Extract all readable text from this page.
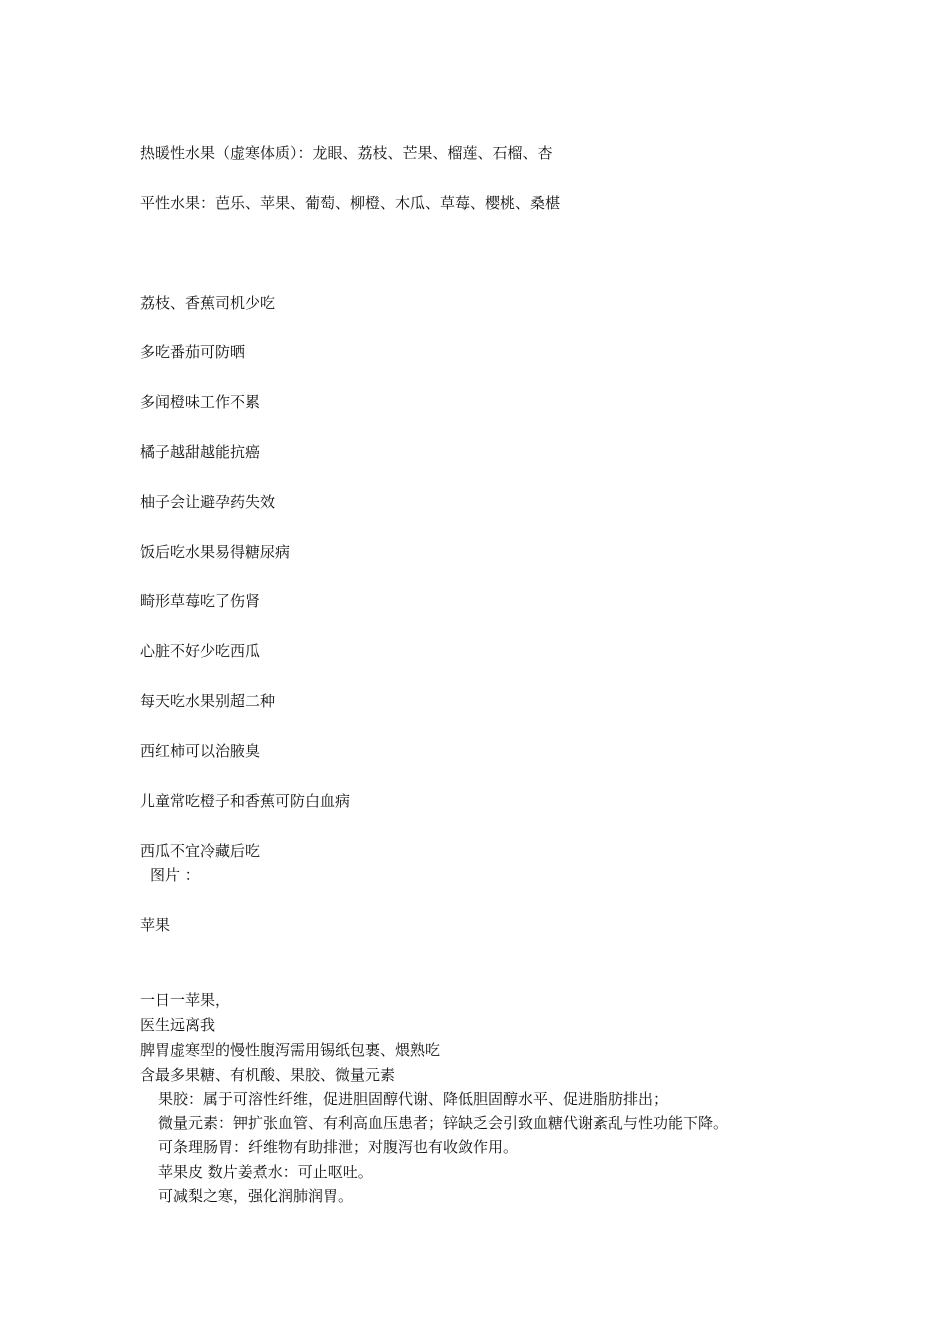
热暖性水果（虚寒体质）：龙眼、荔枝、芒果、榴莲、石榴、杏
平性水果：芭乐、苹果、葡萄、柳橙、木瓜、草莓、樱桃、桑椹
荔枝、香蕉司机少吃
多吃番茄可防晒
多闻橙味工作不累
橘子越甜越能抗癌
柚子会让避孕药失效
饭后吃水果易得糖尿病
畸形草莓吃了伤肾
心脏不好少吃西瓜
每天吃水果别超二种
西红柿可以治腋臭
儿童常吃橙子和香蕉可防白血病
西瓜不宜冷藏后吃
图片 ：
苹果
一日一苹果，
医生远离我
脾胃虚寒型的慢性腹泻需用锡纸包裹、煨熟吃
含最多果糖、有机酸、果胶、微量元素
果胶：属于可溶性纤维，促进胆固醇代谢、降低胆固醇水平、促进脂肪排出；
微量元素：钾扩张血管、有利高血压患者；锌缺乏会引致血糖代谢紊乱与性功能下降。
可条理肠胃：纤维物有助排泄；对腹泻也有收敛作用。
苹果皮 数片姜煮水：可止呕吐。
可减梨之寒，强化润肺润胃。
